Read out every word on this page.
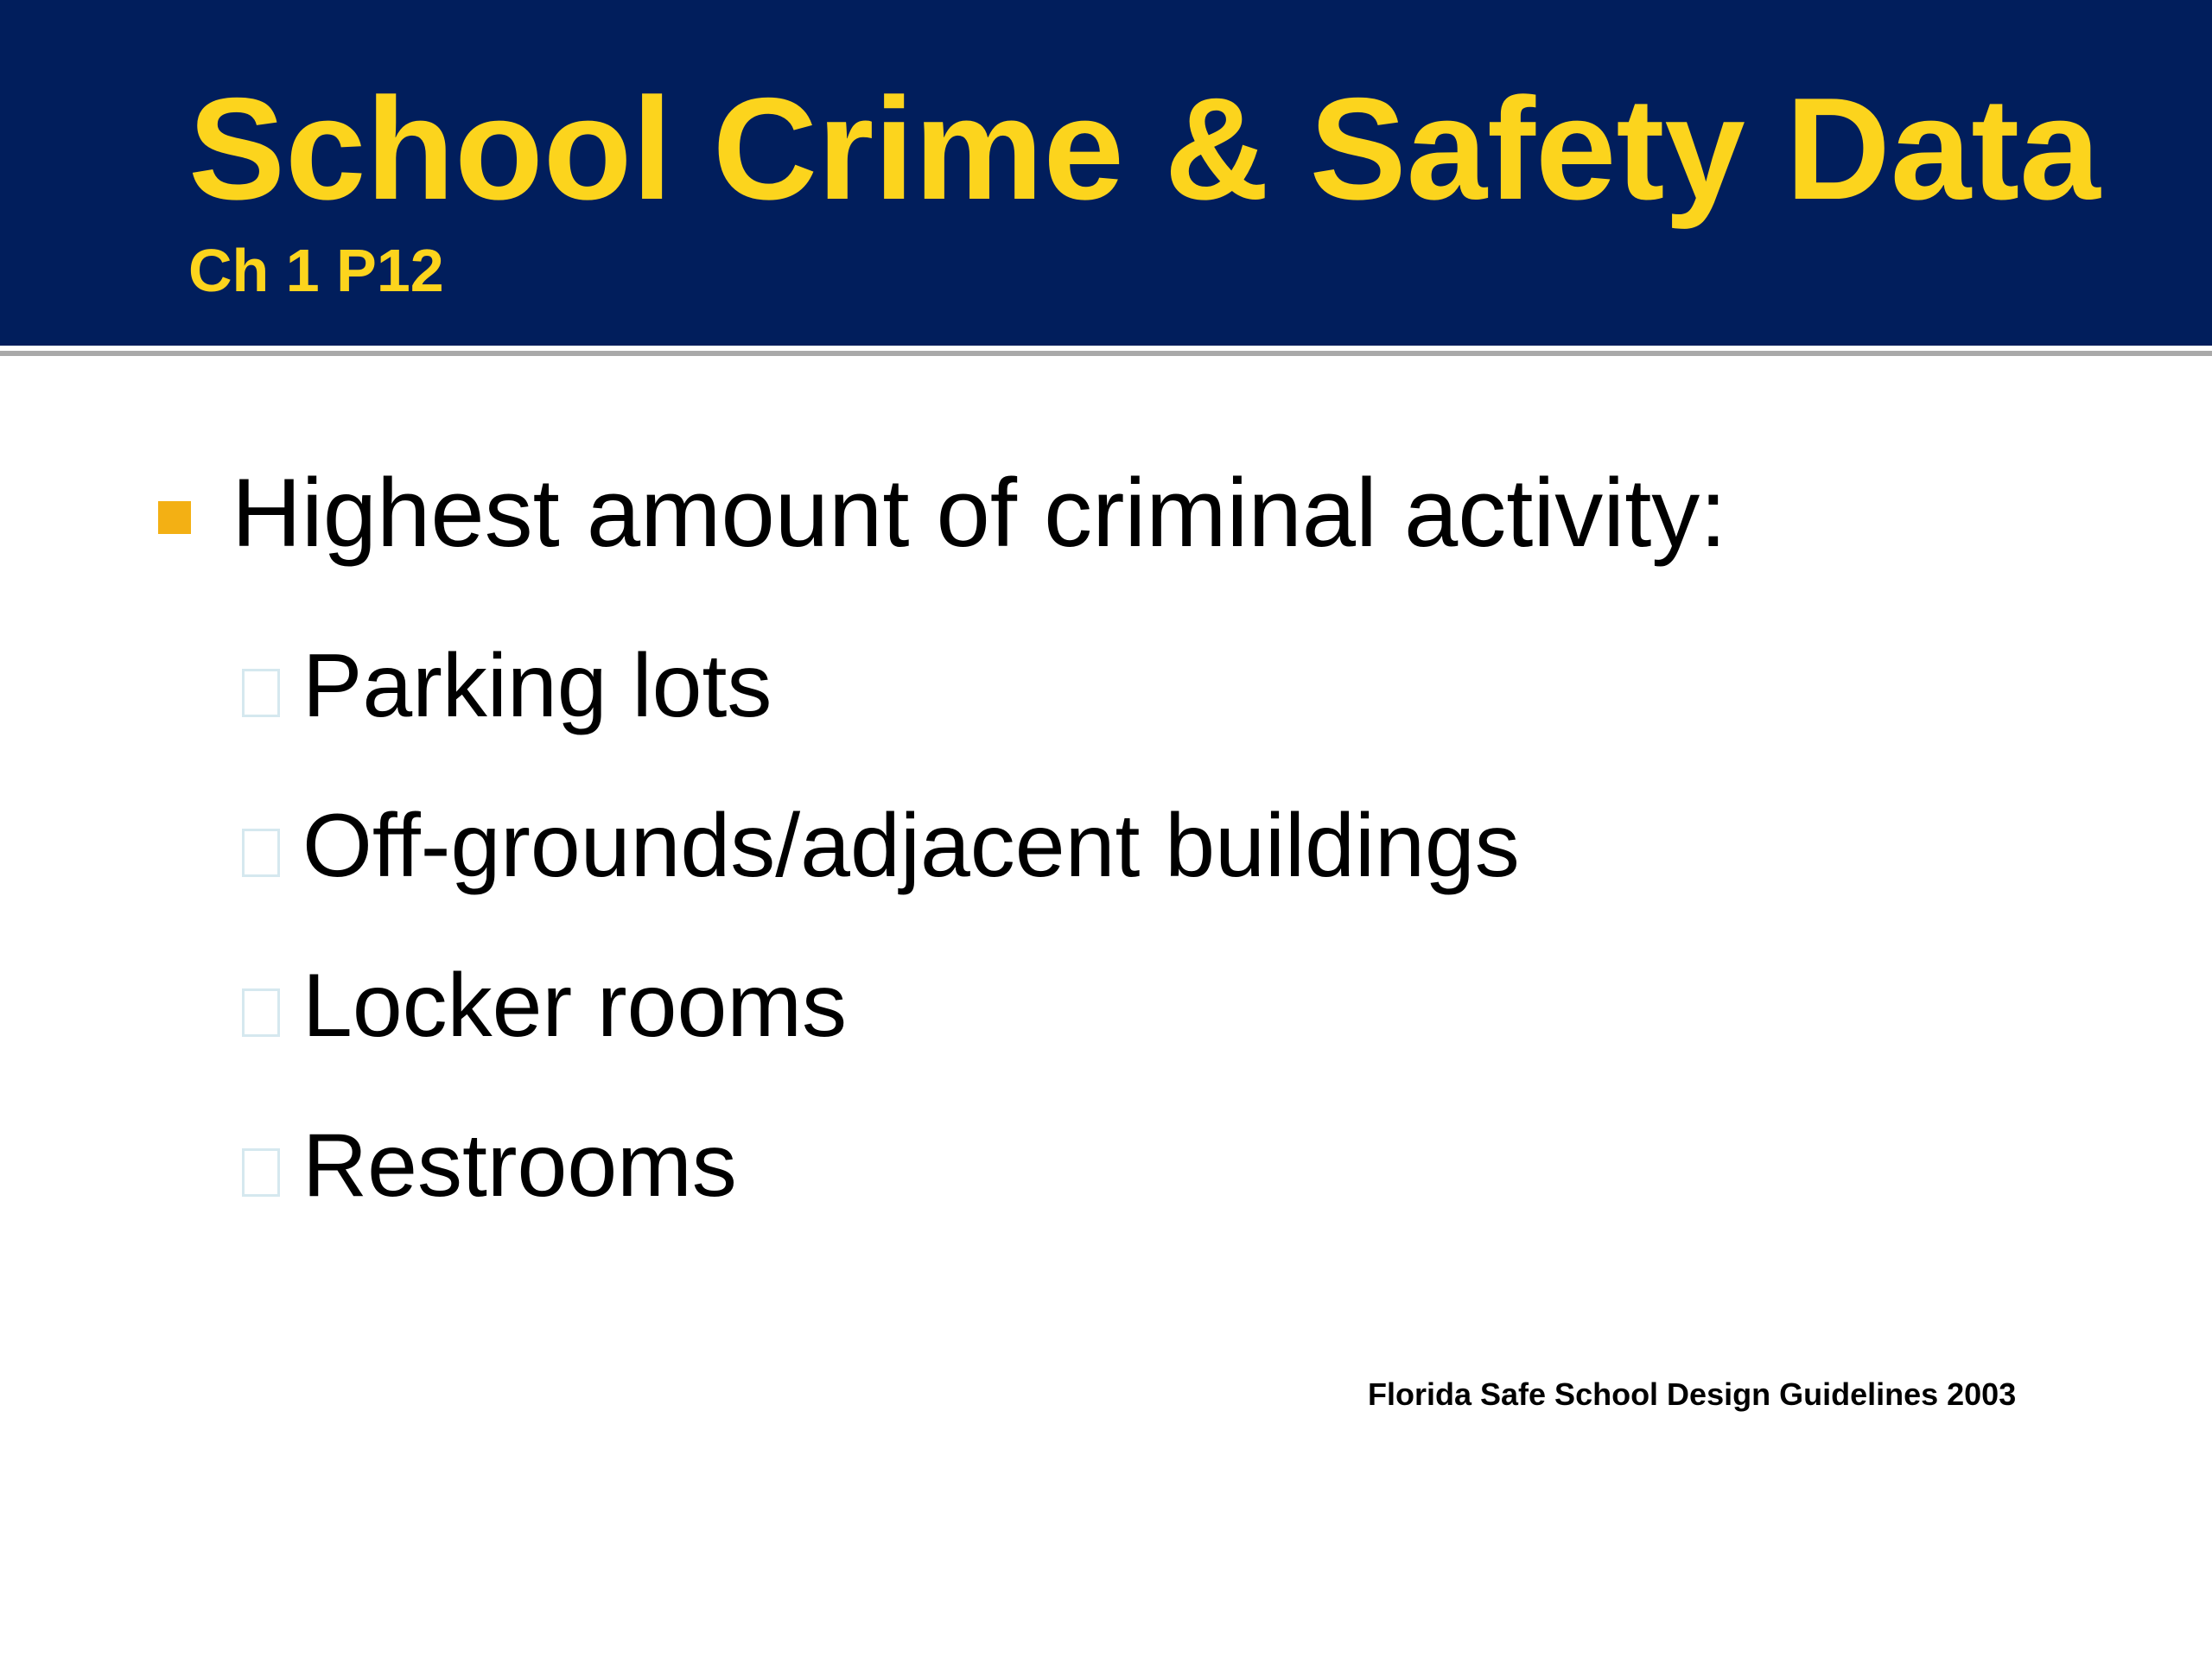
School Crime & Safety Data
Ch 1 P12
Highest amount of criminal activity:
Parking lots
Off-grounds/adjacent buildings
Locker rooms
Restrooms
Florida Safe School Design Guidelines 2003
